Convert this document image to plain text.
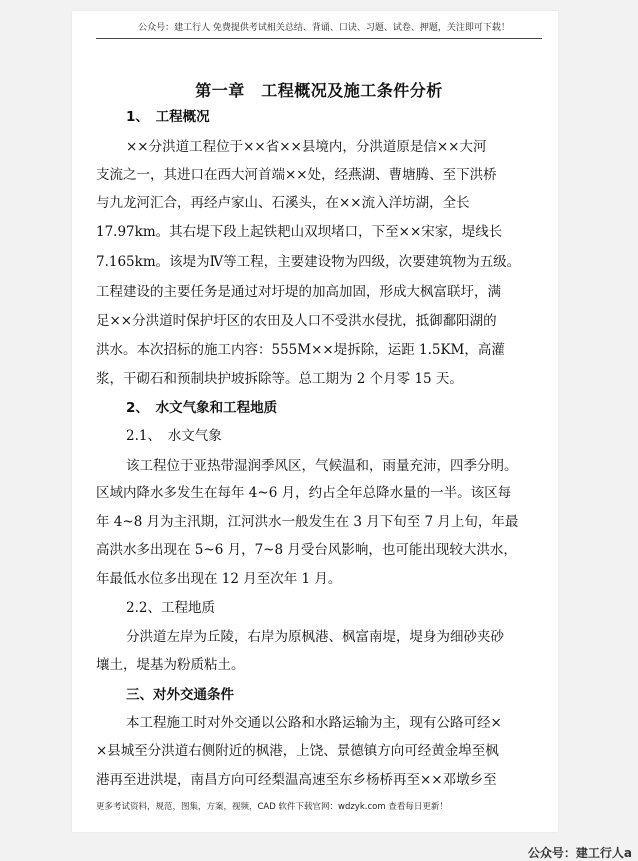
公众号：建工行人 免费提供考试相关总结、背诵、口诀、习题、试卷、押题，关注即可下载！
第一章　工程概况及施工条件分析
1、　工程概况
××分洪道工程位于××省××县境内，分洪道原是信××大河
支流之一，其进口在西大河首端××处，经燕湖、曹塘腾、至下洪桥
与九龙河汇合，再经卢家山、石溪头，在××流入洋坊湖，全长
17.97km。其右堤下段上起铁耙山双坝堵口，下至××宋家，堤线长
7.165km。该堤为Ⅳ等工程，主要建设物为四级，次要建筑物为五级。
工程建设的主要任务是通过对圩堤的加高加固，形成大枫富联圩，满
足××分洪道时保护圩区的农田及人口不受洪水侵扰，抵御鄱阳湖的
洪水。本次招标的施工内容：555M××堤拆除，运距 1.5KM，高灌
浆，干砌石和预制块护坡拆除等。总工期为 2 个月零 15 天。
2、　水文气象和工程地质
2.1、　水文气象
该工程位于亚热带湿润季风区，气候温和，雨量充沛，四季分明。
区域内降水多发生在每年 4~6 月，约占全年总降水量的一半。该区每
年 4~8 月为主汛期，江河洪水一般发生在 3 月下旬至 7 月上旬，年最
高洪水多出现在 5~6 月，7~8 月受台风影响，也可能出现较大洪水，
年最低水位多出现在 12 月至次年 1 月。
2.2、工程地质
分洪道左岸为丘陵，右岸为原枫港、枫富南堤，堤身为细砂夹砂
壤土，堤基为粉质粘土。
三、对外交通条件
本工程施工时对外交通以公路和水路运输为主，现有公路可经×
×县城至分洪道右侧附近的枫港，上饶、景德镇方向可经黄金埠至枫
港再至进洪堤，南昌方向可经梨温高速至东乡杨桥再至××邓墩乡至
更多考试资料，规范，图集，方案，视频，CAD 软件下载官网：wdzyk.com 查看每日更新！
公众号：建工行人a
